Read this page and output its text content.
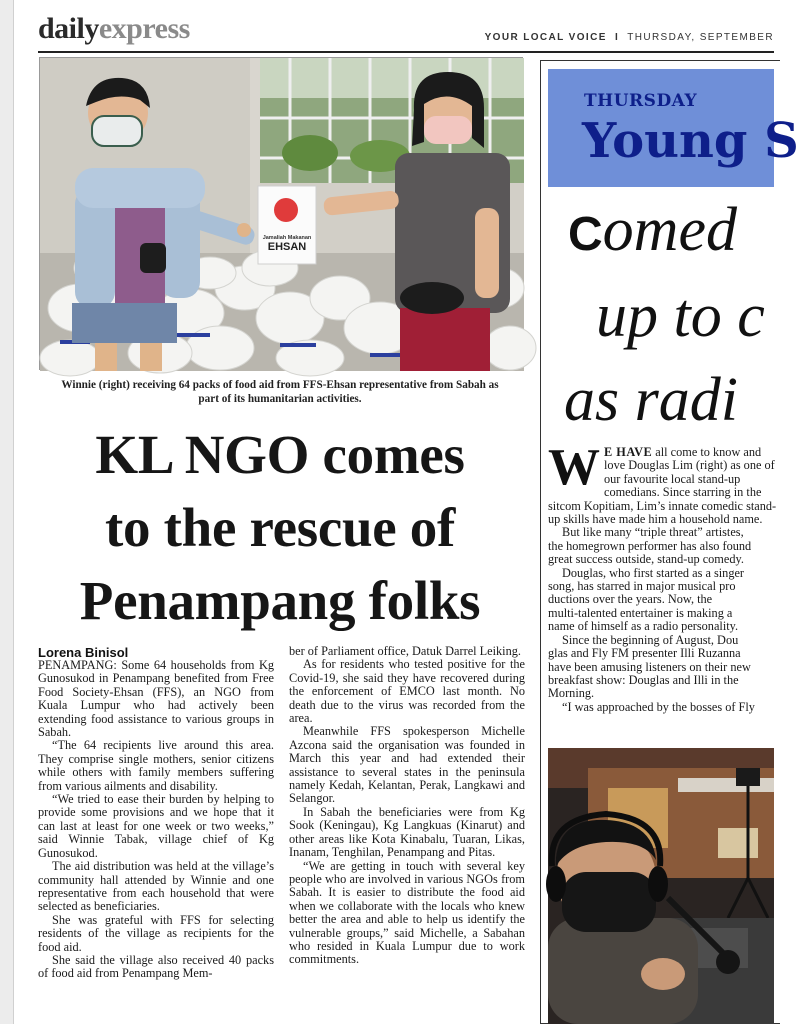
dailyexpress	YOUR LOCAL VOICE I THURSDAY, SEPTEMBER
Jamaliah Makanan
EHSAN
Winnie (right) receiving 64 packs of food aid from FFS-Ehsan representative from Sabah as part of its humanitarian activities.
KL NGO comes
to the rescue of
Penampang folks
Lorena Binisol

PENAMPANG: Some 64 households from Kg Gunosukod in Penampang benefited from Free Food Society-Ehsan (FFS), an NGO from Kuala Lumpur who had actively been extending food assistance to various groups in Sabah.

“The 64 recipients live around this area. They comprise single mothers, senior citizens while others with family members suffering from various ailments and disability.

“We tried to ease their burden by helping to provide some provisions and we hope that it can last at least for one week or two weeks,” said Winnie Tabak, village chief of Kg Gunosukod.

The aid distribution was held at the village’s community hall attended by Winnie and one representative from each household that were selected as beneficiaries.

She was grateful with FFS for selecting residents of the village as recipients for the food aid.

She said the village also received 40 packs of food aid from Penampang Mem-

ber of Parliament office, Datuk Darrel Leiking.

As for residents who tested positive for the Covid-19, she said they have recovered during the enforcement of EMCO last month. No death due to the virus was recorded from the area.

Meanwhile FFS spokesperson Michelle Azcona said the organisation was founded in March this year and had extended their assistance to several states in the peninsula namely Kedah, Kelantan, Perak, Langkawi and Selangor.

In Sabah the beneficiaries were from Kg Sook (Keningau), Kg Langkuas (Kinarut) and other areas like Kota Kinabalu, Tuaran, Likas, Inanam, Tenghilan, Penampang and Pitas.

“We are getting in touch with several key people who are involved in various NGOs from Sabah. It is easier to distribute the food aid when we collaborate with the locals who knew better the area and able to help us identify the vulnerable groups,” said Michelle, a Sabahan who resided in Kuala Lumpur due to work commitments.

THURSDAY
Young S
Comed
up to c
as radi

W E HAVE all come to know and love Douglas Lim (right) as one of our favourite local stand-up comedians. Since starring in the sitcom Kopitiam, Lim’s innate comedic stand-up skills have made him a household name.

But like many “triple threat” artistes,

the homegrown performer has also found

great success outside, stand-up comedy.

Douglas, who first started as a singer

song, has starred in major musical pro

ductions over the years. Now, the

multi-talented entertainer is making a

name of himself as a radio personality.

Since the beginning of August, Dou

glas and Fly FM presenter Illi Ruzanna

have been amusing listeners on their new

breakfast show: Douglas and Illi in the

Morning.

“I was approached by the bosses of Fly
